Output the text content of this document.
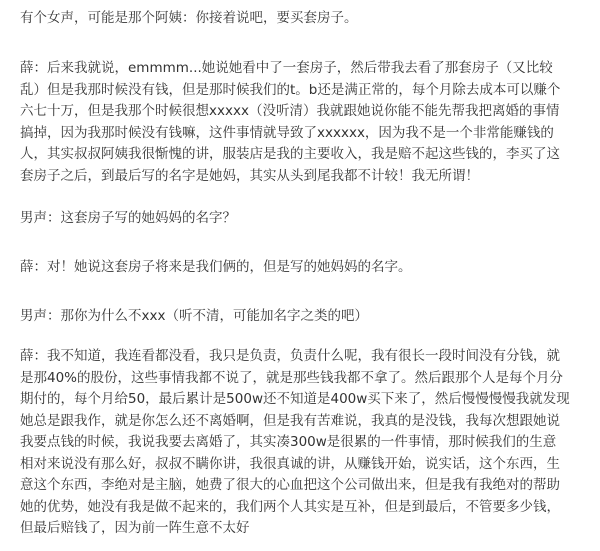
有个女声，可能是那个阿姨：你接着说吧，要买套房子。
薛：后来我就说，emmmm...她说她看中了一套房子，然后带我去看了那套房子（又比较
乱）但是我那时候没有钱，但是那时候我们的t。b还是满正常的，每个月除去成本可以赚个
六七十万，但是我那个时候很想xxxxx（没听清）我就跟她说你能不能先帮我把离婚的事情
搞掉，因为我那时候没有钱嘛，这件事情就导致了xxxxxx，因为我不是一个非常能赚钱的
人，其实叔叔阿姨我很惭愧的讲，服装店是我的主要收入，我是赔不起这些钱的，李买了这
套房子之后，到最后写的名字是她妈，其实从头到尾我都不计较！我无所谓！
男声：这套房子写的她妈妈的名字？
薛：对！她说这套房子将来是我们俩的，但是写的她妈妈的名字。
男声：那你为什么不xxx（听不清，可能加名字之类的吧）
薛：我不知道，我连看都没看，我只是负责，负责什么呢，我有很长一段时间没有分钱，就
是那40%的股份，这些事情我都不说了，就是那些钱我都不拿了。然后跟那个人是每个月分
期付的，每个月给50，最后累计是500w还不知道是400w买下来了，然后慢慢慢慢我就发现
她总是跟我作，就是你怎么还不离婚啊，但是我有苦难说，我真的是没钱，我每次想跟她说
我要点钱的时候，我说我要去离婚了，其实凑300w是很累的一件事情，那时候我们的生意
相对来说没有那么好，叔叔不瞒你讲，我很真诚的讲，从赚钱开始，说实话，这个东西，生
意这个东西，李绝对是主脑，她费了很大的心血把这个公司做出来，但是我有我绝对的帮助
她的优势，她没有我是做不起来的，我们两个人其实是互补，但是到最后，不管要多少钱，
但最后赔钱了，因为前一阵生意不太好
